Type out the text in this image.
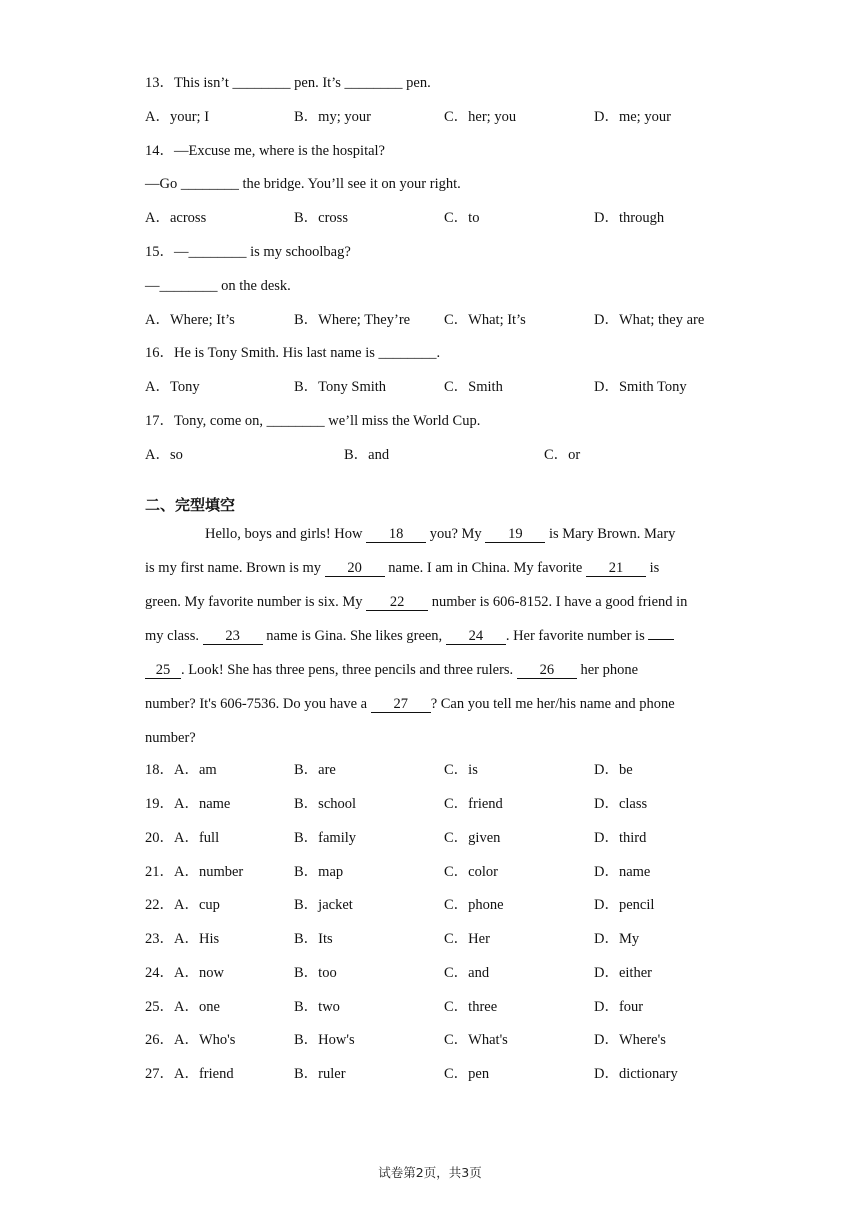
13．This isn’t ________ pen. It’s ________ pen.
A．your; I	B．my; your	C．her; you	D．me; your
14．—Excuse me, where is the hospital?
—Go ________ the bridge. You’ll see it on your right.
A．across	B．cross	C．to	D．through
15．—________ is my schoolbag?
—________ on the desk.
A．Where; It’s	B．Where; They’re C．What; It’s	D．What; they are
16．He is Tony Smith. His last name is ________.
A．Tony	B．Tony Smith	C．Smith	D．Smith Tony
17．Tony, come on, ________ we’ll miss the World Cup.
A．so	B．and	C．or
二、完型填空
Hello, boys and girls! How 18 you? My 19 is Mary Brown. Mary
is my first name. Brown is my 20 name. I am in China. My favorite 21 is
green. My favorite number is six. My 22 number is 606-8152. I have a good friend in
my class. 23 name is Gina. She likes green, 24 . Her favorite number is
25 . Look! She has three pens, three pencils and three rulers. 26 her phone
number? It's 606-7536. Do you have a 27 ? Can you tell me her/his name and phone
number?
18．A．am	B．are	C．is	D．be
19．A．name	B．school	C．friend	D．class
20．A．full	B．family	C．given	D．third
21．A．number	B．map	C．color	D．name
22．A．cup	B．jacket	C．phone	D．pencil
23．A．His	B．Its	C．Her	D．My
24．A．now	B．too	C．and	D．either
25．A．one	B．two	C．three	D．four
26．A．Who's	B．How's	C．What's	D．Where's
27．A．friend	B．ruler	C．pen	D．dictionary
试卷第2页，共3页
